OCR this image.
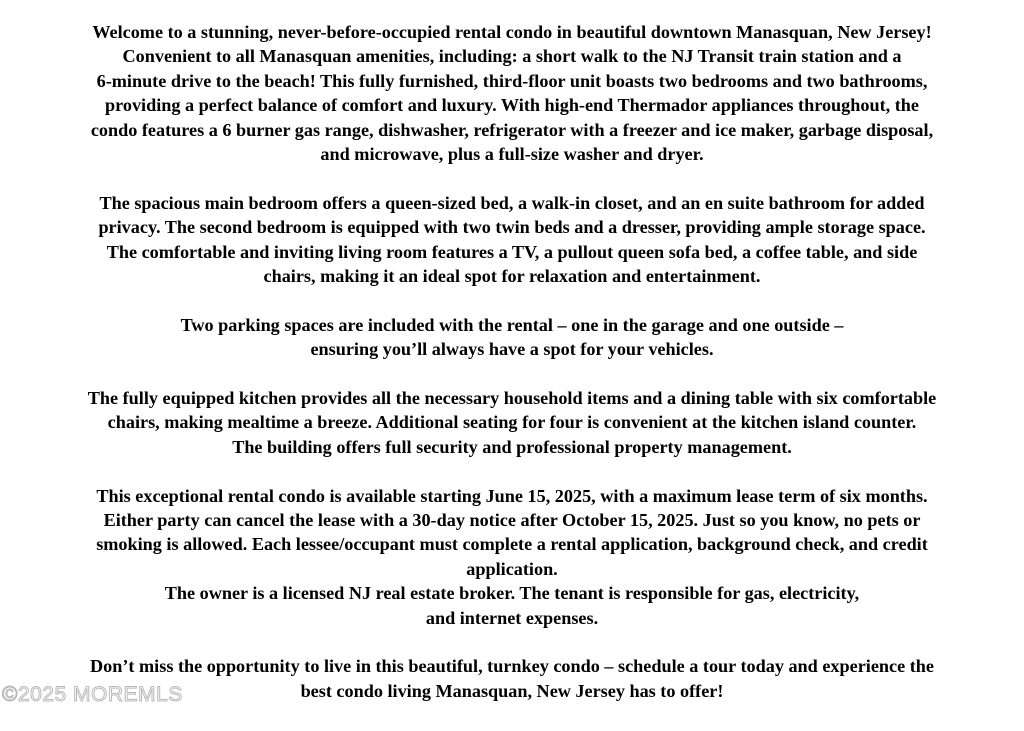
Welcome to a stunning, never-before-occupied rental condo in beautiful downtown Manasquan, New Jersey!
Convenient to all Manasquan amenities, including: a short walk to the NJ Transit train station and a
6-minute drive to the beach! This fully furnished, third-floor unit boasts two bedrooms and two bathrooms,
providing a perfect balance of comfort and luxury. With high-end Thermador appliances throughout, the
condo features a 6 burner gas range, dishwasher, refrigerator with a freezer and ice maker, garbage disposal,
and microwave, plus a full-size washer and dryer.

The spacious main bedroom offers a queen-sized bed, a walk-in closet, and an en suite bathroom for added
privacy. The second bedroom is equipped with two twin beds and a dresser, providing ample storage space.
The comfortable and inviting living room features a TV, a pullout queen sofa bed, a coffee table, and side
chairs, making it an ideal spot for relaxation and entertainment.

Two parking spaces are included with the rental – one in the garage and one outside –
ensuring you’ll always have a spot for your vehicles.

The fully equipped kitchen provides all the necessary household items and a dining table with six comfortable
chairs, making mealtime a breeze. Additional seating for four is convenient at the kitchen island counter.
The building offers full security and professional property management.

This exceptional rental condo is available starting June 15, 2025, with a maximum lease term of six months.
Either party can cancel the lease with a 30-day notice after October 15, 2025. Just so you know, no pets or
smoking is allowed. Each lessee/occupant must complete a rental application, background check, and credit
application.
The owner is a licensed NJ real estate broker. The tenant is responsible for gas, electricity,
and internet expenses.

Don’t miss the opportunity to live in this beautiful, turnkey condo – schedule a tour today and experience the
best condo living Manasquan, New Jersey has to offer!

©2025 MOREMLS
